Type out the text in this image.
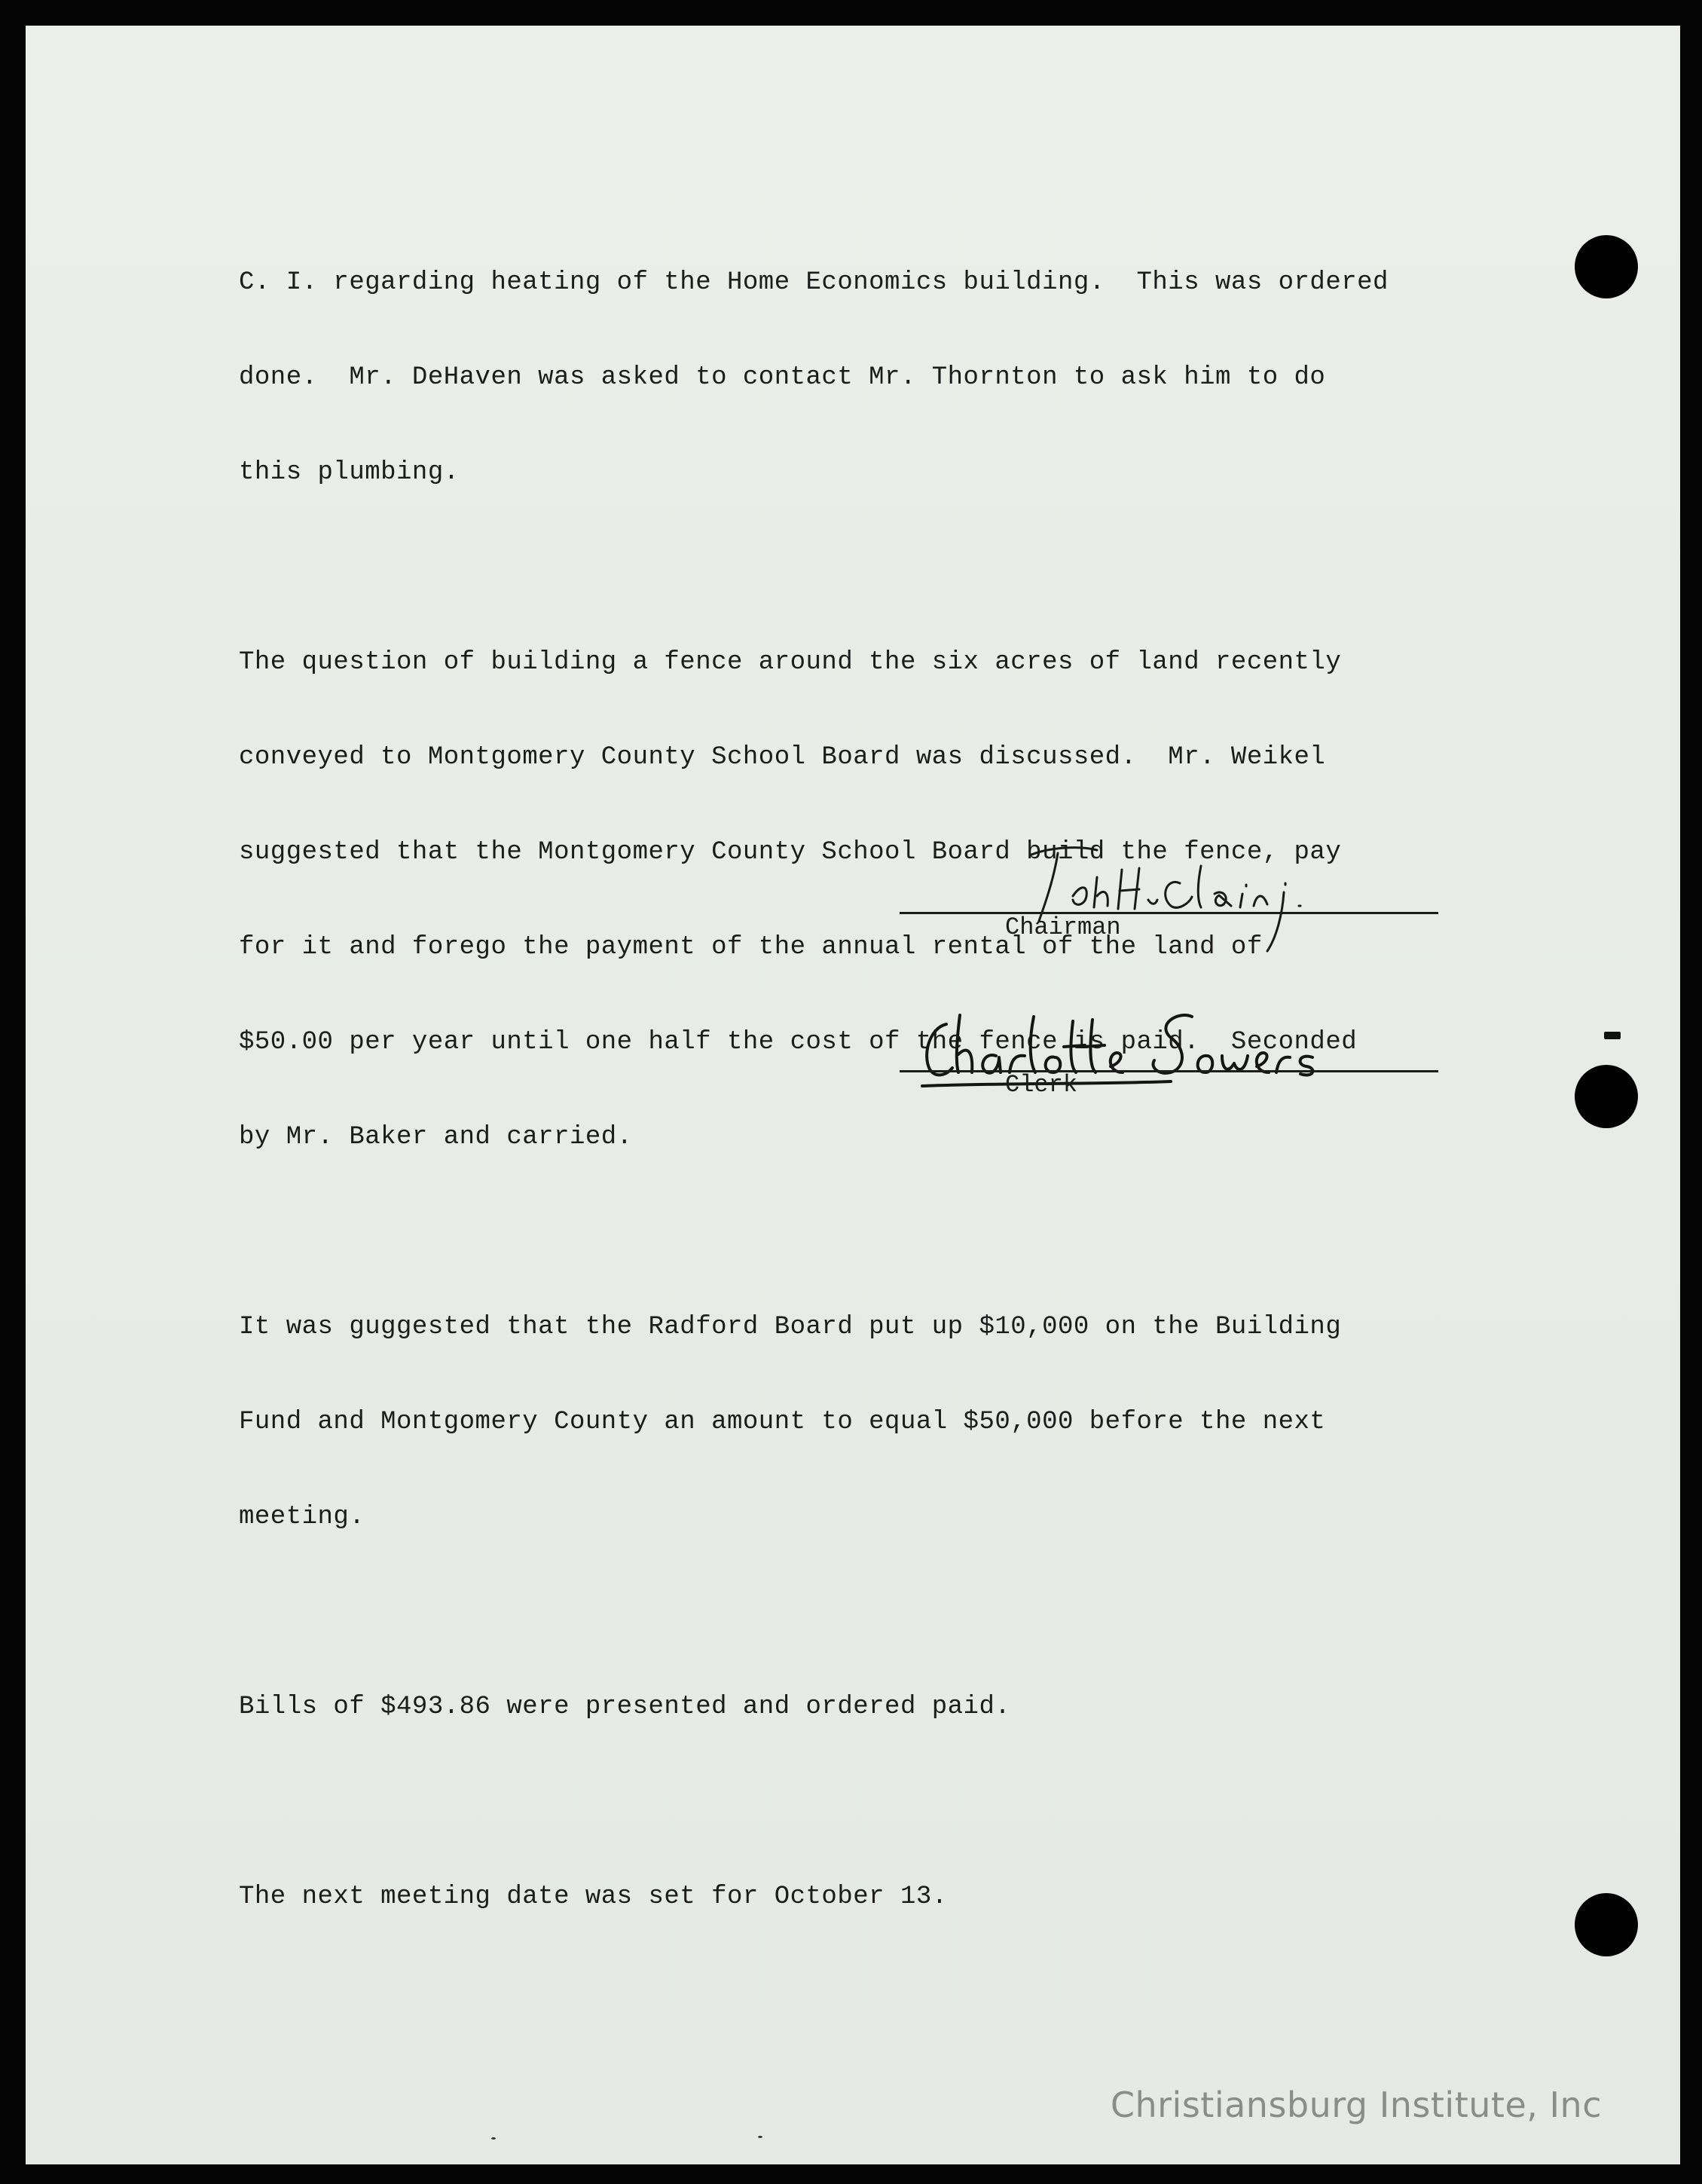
C. I. regarding heating of the Home Economics building.  This was ordered

done.  Mr. DeHaven was asked to contact Mr. Thornton to ask him to do

this plumbing.

The question of building a fence around the six acres of land recently

conveyed to Montgomery County School Board was discussed.  Mr. Weikel

suggested that the Montgomery County School Board build the fence, pay

for it and forego the payment of the annual rental of the land of

$50.00 per year until one half the cost of the fence is paid.  Seconded

by Mr. Baker and carried.

It was guggested that the Radford Board put up $10,000 on the Building

Fund and Montgomery County an amount to equal $50,000 before the next

meeting.

Bills of $493.86 were presented and ordered paid.

The next meeting date was set for October 13.

Chairman
Clerk
Christiansburg Institute, Inc
